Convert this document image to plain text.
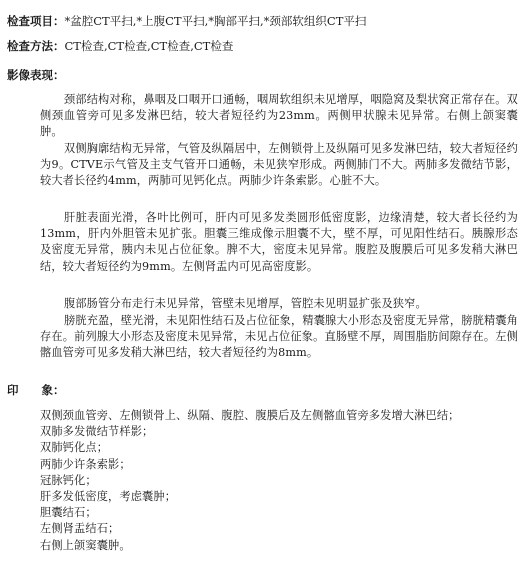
检查项目：*盆腔CT平扫,*上腹CT平扫,*胸部平扫,*颈部软组织CT平扫
检查方法：CT检查,CT检查,CT检查,CT检查
影像表现：

颈部结构对称，鼻咽及口咽开口通畅，咽周软组织未见增厚，咽隐窝及梨状窝正常存在。双侧颈血管旁可见多发淋巴结，较大者短径约为23mm。两侧甲状腺未见异常。右侧上颌窦囊肿。

双侧胸廓结构无异常，气管及纵隔居中，左侧锁骨上及纵隔可见多发淋巴结，较大者短径约为9。CTVE示气管及主支气管开口通畅，未见狭窄形成。两侧肺门不大。两肺多发微结节影，较大者长径约4mm，两肺可见钙化点。两肺少许条索影。心脏不大。

肝脏表面光滑，各叶比例可，肝内可见多发类圆形低密度影，边缘清楚，较大者长径约为13mm，肝内外胆管未见扩张。胆囊三维成像示胆囊不大，壁不厚，可见阳性结石。胰腺形态及密度无异常，胰内未见占位征象。脾不大，密度未见异常。腹腔及腹膜后可见多发稍大淋巴结，较大者短径约为9mm。左侧肾盂内可见高密度影。

腹部肠管分布走行未见异常，管壁未见增厚，管腔未见明显扩张及狭窄。

膀胱充盈，壁光滑，未见阳性结石及占位征象，精囊腺大小形态及密度无异常，膀胱精囊角存在。前列腺大小形态及密度未见异常，未见占位征象。直肠壁不厚，周围脂肪间隙存在。左侧髂血管旁可见多发稍大淋巴结，较大者短径约为8mm。

印　　象：
双侧颈血管旁、左侧锁骨上、纵隔、腹腔、腹膜后及左侧髂血管旁多发增大淋巴结；
双肺多发微结节样影；
双肺钙化点；
两肺少许条索影；
冠脉钙化；
肝多发低密度，考虑囊肿；
胆囊结石；
左侧肾盂结石；
右侧上颌窦囊肿。
